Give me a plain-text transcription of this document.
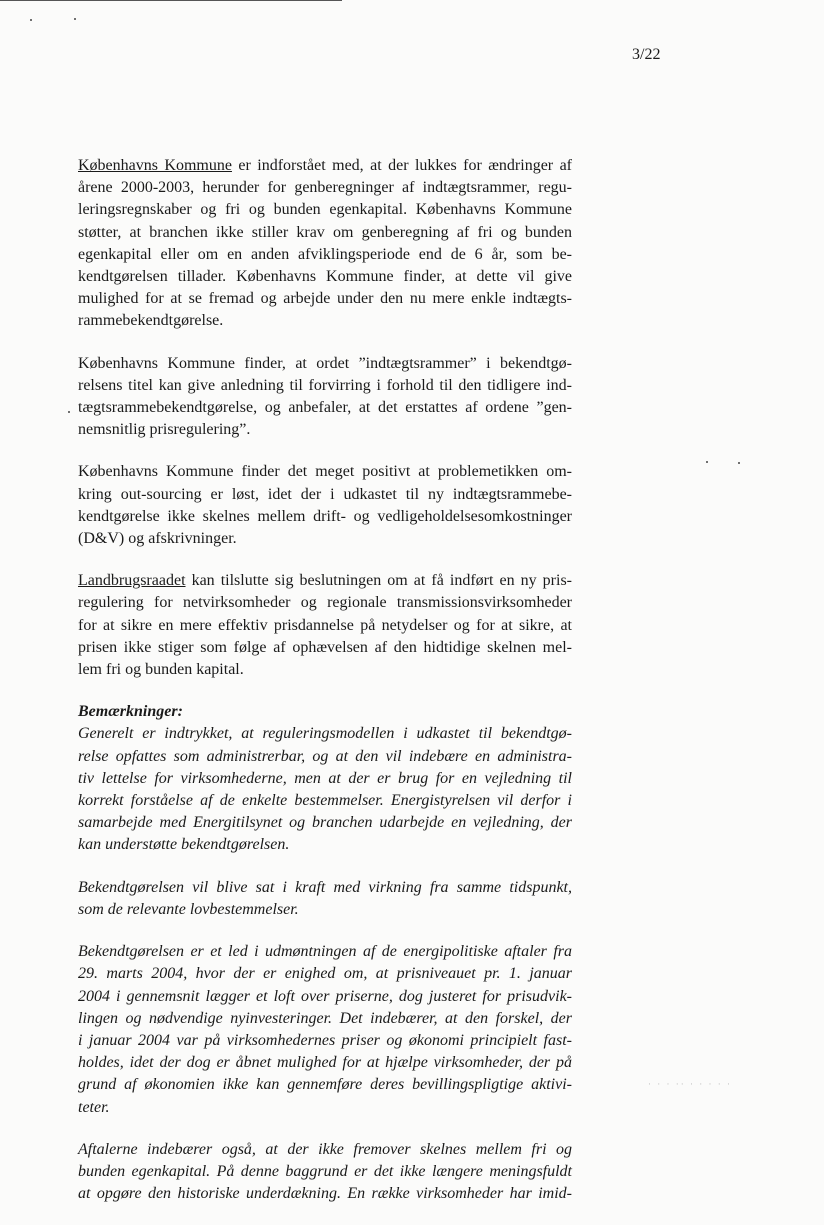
3/22
Københavns Kommune er indforstået med, at der lukkes for ændringer af
årene 2000-2003, herunder for genberegninger af indtægtsrammer, regu-
leringsregnskaber og fri og bunden egenkapital. Københavns Kommune
støtter, at branchen ikke stiller krav om genberegning af fri og bunden
egenkapital eller om en anden afviklingsperiode end de 6 år, som be-
kendtgørelsen tillader. Københavns Kommune finder, at dette vil give
mulighed for at se fremad og arbejde under den nu mere enkle indtægts-
rammebekendtgørelse.
Københavns Kommune finder, at ordet ”indtægtsrammer” i bekendtgø-
relsens titel kan give anledning til forvirring i forhold til den tidligere ind-
tægtsrammebekendtgørelse, og anbefaler, at det erstattes af ordene ”gen-
nemsnitlig prisregulering”.
Københavns Kommune finder det meget positivt at problemetikken om-
kring out-sourcing er løst, idet der i udkastet til ny indtægtsrammebe-
kendtgørelse ikke skelnes mellem drift- og vedligeholdelsesomkostninger
(D&V) og afskrivninger.
Landbrugsraadet kan tilslutte sig beslutningen om at få indført en ny pris-
regulering for netvirksomheder og regionale transmissionsvirksomheder
for at sikre en mere effektiv prisdannelse på netydelser og for at sikre, at
prisen ikke stiger som følge af ophævelsen af den hidtidige skelnen mel-
lem fri og bunden kapital.
Bemærkninger:
Generelt er indtrykket, at reguleringsmodellen i udkastet til bekendtgø-
relse opfattes som administrerbar, og at den vil indebære en administra-
tiv lettelse for virksomhederne, men at der er brug for en vejledning til
korrekt forståelse af de enkelte bestemmelser. Energistyrelsen vil derfor i
samarbejde med Energitilsynet og branchen udarbejde en vejledning, der
kan understøtte bekendtgørelsen.
Bekendtgørelsen vil blive sat i kraft med virkning fra samme tidspunkt,
som de relevante lovbestemmelser.
Bekendtgørelsen er et led i udmøntningen af de energipolitiske aftaler fra
29. marts 2004, hvor der er enighed om, at prisniveauet pr. 1. januar
2004 i gennemsnit lægger et loft over priserne, dog justeret for prisudvik-
lingen og nødvendige nyinvesteringer. Det indebærer, at den forskel, der
i januar 2004 var på virksomhedernes priser og økonomi principielt fast-
holdes, idet der dog er åbnet mulighed for at hjælpe virksomheder, der på
grund af økonomien ikke kan gennemføre deres bevillingspligtige aktivi-
teter.
Aftalerne indebærer også, at der ikke fremover skelnes mellem fri og
bunden egenkapital. På denne baggrund er det ikke længere meningsfuldt
at opgøre den historiske underdækning. En række virksomheder har imid-
· · · ·· · · · · ·
